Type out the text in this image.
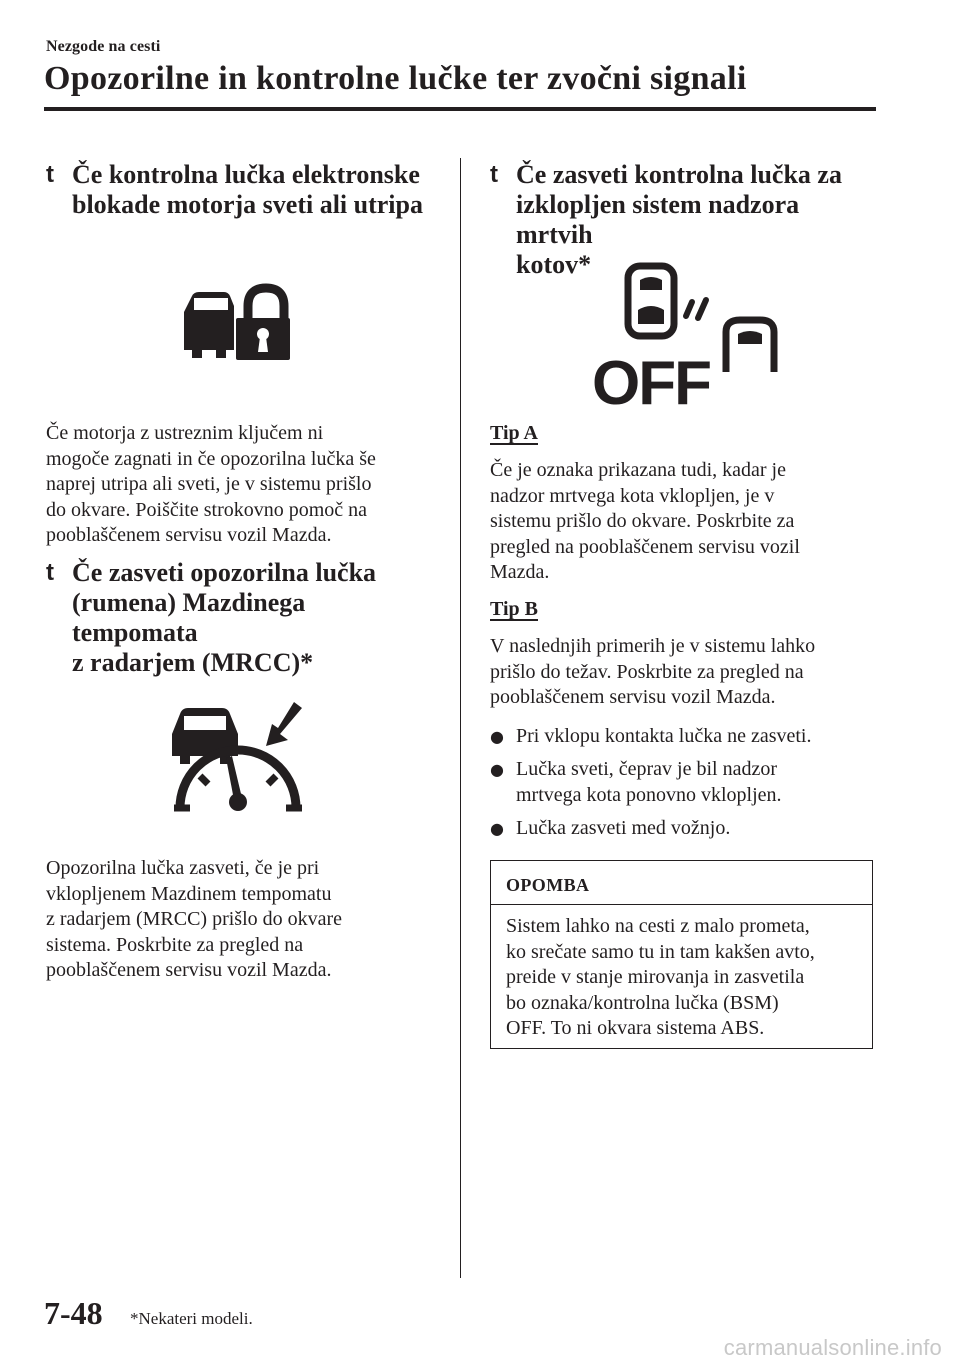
Nezgode na cesti
Opozorilne in kontrolne lučke ter zvočni signali
t Če kontrolna lučka elektronske
blokade motorja sveti ali utripa
Če motorja z ustreznim ključem ni
mogoče zagnati in če opozorilna lučka še
naprej utripa ali sveti, je v sistemu prišlo
do okvare. Poiščite strokovno pomoč na
pooblaščenem servisu vozil Mazda.
t Če zasveti opozorilna lučka
(rumena) Mazdinega tempomata
z radarjem (MRCC)*
Opozorilna lučka zasveti, če je pri
vklopljenem Mazdinem tempomatu
z radarjem (MRCC) prišlo do okvare
sistema. Poskrbite za pregled na
pooblaščenem servisu vozil Mazda.
t Če zasveti kontrolna lučka za
izklopljen sistem nadzora mrtvih
kotov*
OFF
Tip A
Če je oznaka prikazana tudi, kadar je
nadzor mrtvega kota vklopljen, je v
sistemu prišlo do okvare. Poskrbite za
pregled na pooblaščenem servisu vozil
Mazda.
Tip B
V naslednjih primerih je v sistemu lahko
prišlo do težav. Poskrbite za pregled na
pooblaščenem servisu vozil Mazda.
● Pri vklopu kontakta lučka ne zasveti.
● Lučka sveti, čeprav je bil nadzor
mrtvega kota ponovno vklopljen.
● Lučka zasveti med vožnjo.
OPOMBA
Sistem lahko na cesti z malo prometa,
ko srečate samo tu in tam kakšen avto,
preide v stanje mirovanja in zasvetila
bo oznaka/kontrolna lučka (BSM)
OFF. To ni okvara sistema ABS.
7-48 *Nekateri modeli.
carmanualsonline.info
